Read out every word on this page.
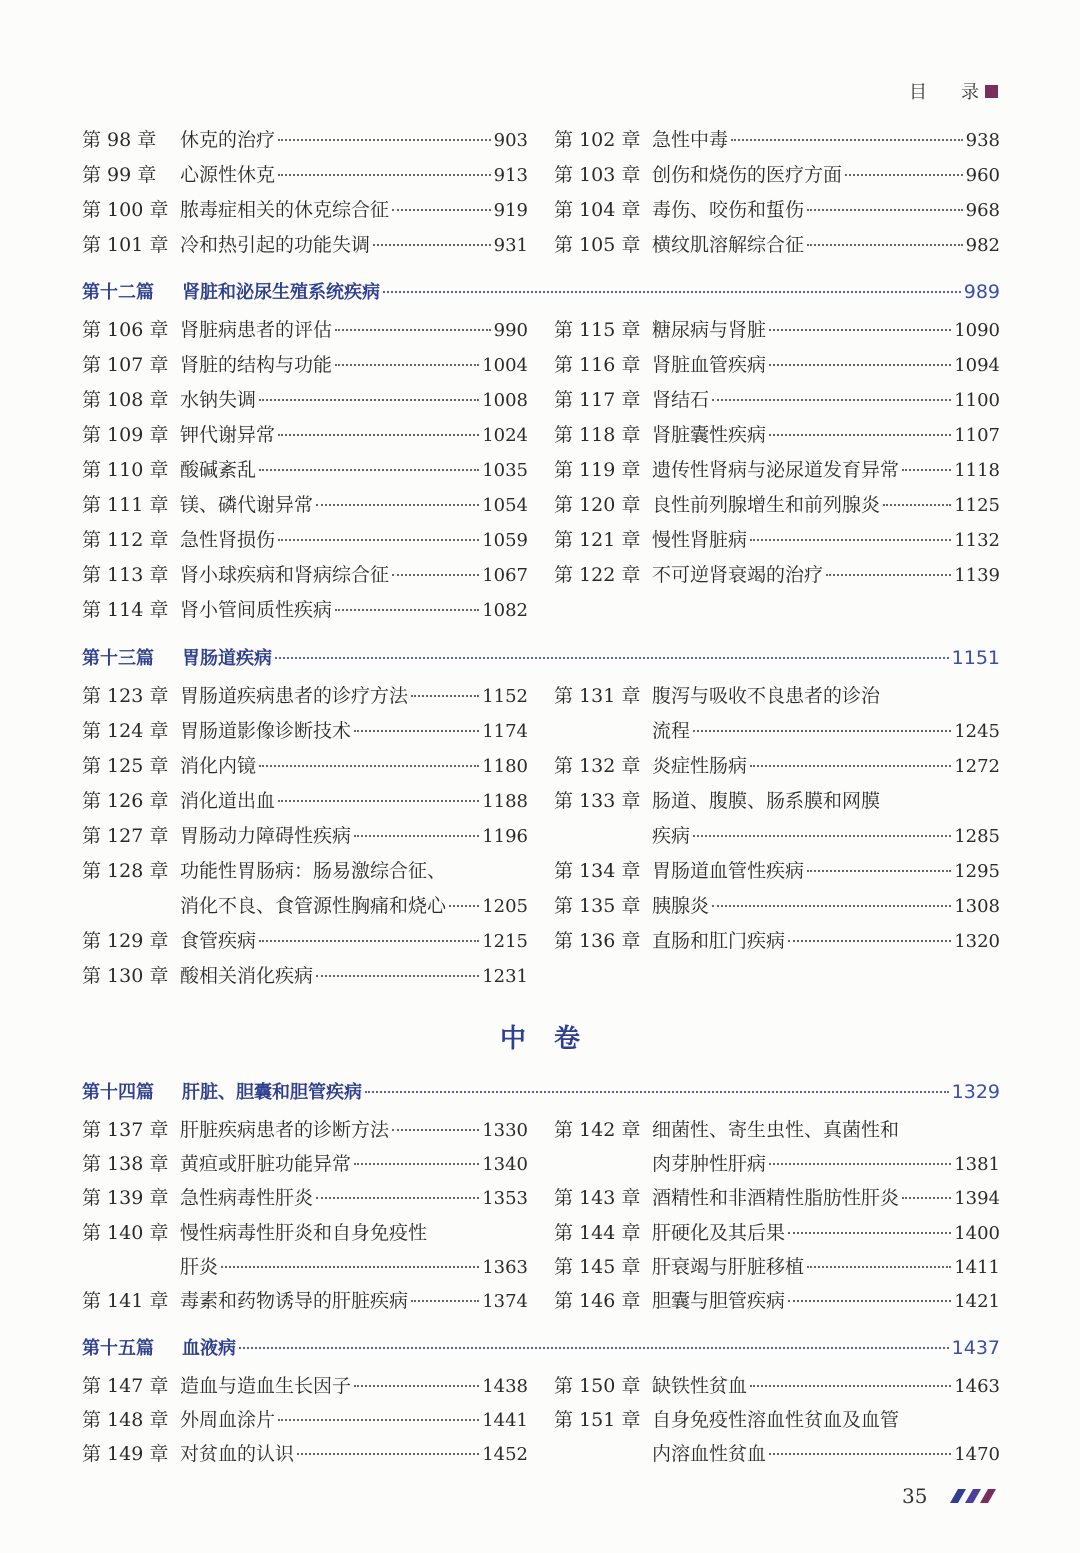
目 录
第 98 章	休克的治疗	903
第 99 章	心源性休克	913
第 100 章 脓毒症相关的休克综合征	919
第 101 章 冷和热引起的功能失调	931
第 102 章 急性中毒	938
第 103 章 创伤和烧伤的医疗方面	960
第 104 章 毒伤、咬伤和蜇伤	968
第 105 章 横纹肌溶解综合征	982
第十二篇	肾脏和泌尿生殖系统疾病	989
第 106 章 肾脏病患者的评估	990
第 107 章 肾脏的结构与功能	1004
第 108 章 水钠失调	1008
第 109 章 钾代谢异常	1024
第 110 章 酸碱紊乱	1035
第 111 章 镁、磷代谢异常	1054
第 112 章 急性肾损伤	1059
第 113 章 肾小球疾病和肾病综合征	1067
第 114 章 肾小管间质性疾病	1082
第 115 章 糖尿病与肾脏	1090
第 116 章 肾脏血管疾病	1094
第 117 章 肾结石	1100
第 118 章 肾脏囊性疾病	1107
第 119 章 遗传性肾病与泌尿道发育异常	1118
第 120 章 良性前列腺增生和前列腺炎	1125
第 121 章 慢性肾脏病	1132
第 122 章 不可逆肾衰竭的治疗	1139
第十三篇	胃肠道疾病	1151
第 123 章 胃肠道疾病患者的诊疗方法	1152
第 124 章 胃肠道影像诊断技术	1174
第 125 章 消化内镜	1180
第 126 章 消化道出血	1188
第 127 章 胃肠动力障碍性疾病	1196
第 128 章 功能性胃肠病：肠易激综合征、
消化不良、食管源性胸痛和烧心 1205
第 129 章 食管疾病	1215
第 130 章 酸相关消化疾病	1231
第 131 章 腹泻与吸收不良患者的诊治
流程	1245
第 132 章 炎症性肠病	1272
第 133 章 肠道、腹膜、肠系膜和网膜
疾病	1285
第 134 章 胃肠道血管性疾病	1295
第 135 章 胰腺炎	1308
第 136 章 直肠和肛门疾病	1320
中卷
第十四篇	肝脏、胆囊和胆管疾病	1329
第 137 章 肝脏疾病患者的诊断方法	1330
第 138 章 黄疸或肝脏功能异常	1340
第 139 章 急性病毒性肝炎	1353
第 140 章 慢性病毒性肝炎和自身免疫性
肝炎	1363
第 141 章 毒素和药物诱导的肝脏疾病	1374
第 142 章 细菌性、寄生虫性、真菌性和
肉芽肿性肝病	1381
第 143 章 酒精性和非酒精性脂肪性肝炎	1394
第 144 章 肝硬化及其后果	1400
第 145 章 肝衰竭与肝脏移植	1411
第 146 章 胆囊与胆管疾病	1421
第十五篇	血液病	1437
第 147 章 造血与造血生长因子	1438
第 148 章 外周血涂片	1441
第 149 章 对贫血的认识	1452
第 150 章 缺铁性贫血	1463
第 151 章 自身免疫性溶血性贫血及血管
内溶血性贫血	1470
35
